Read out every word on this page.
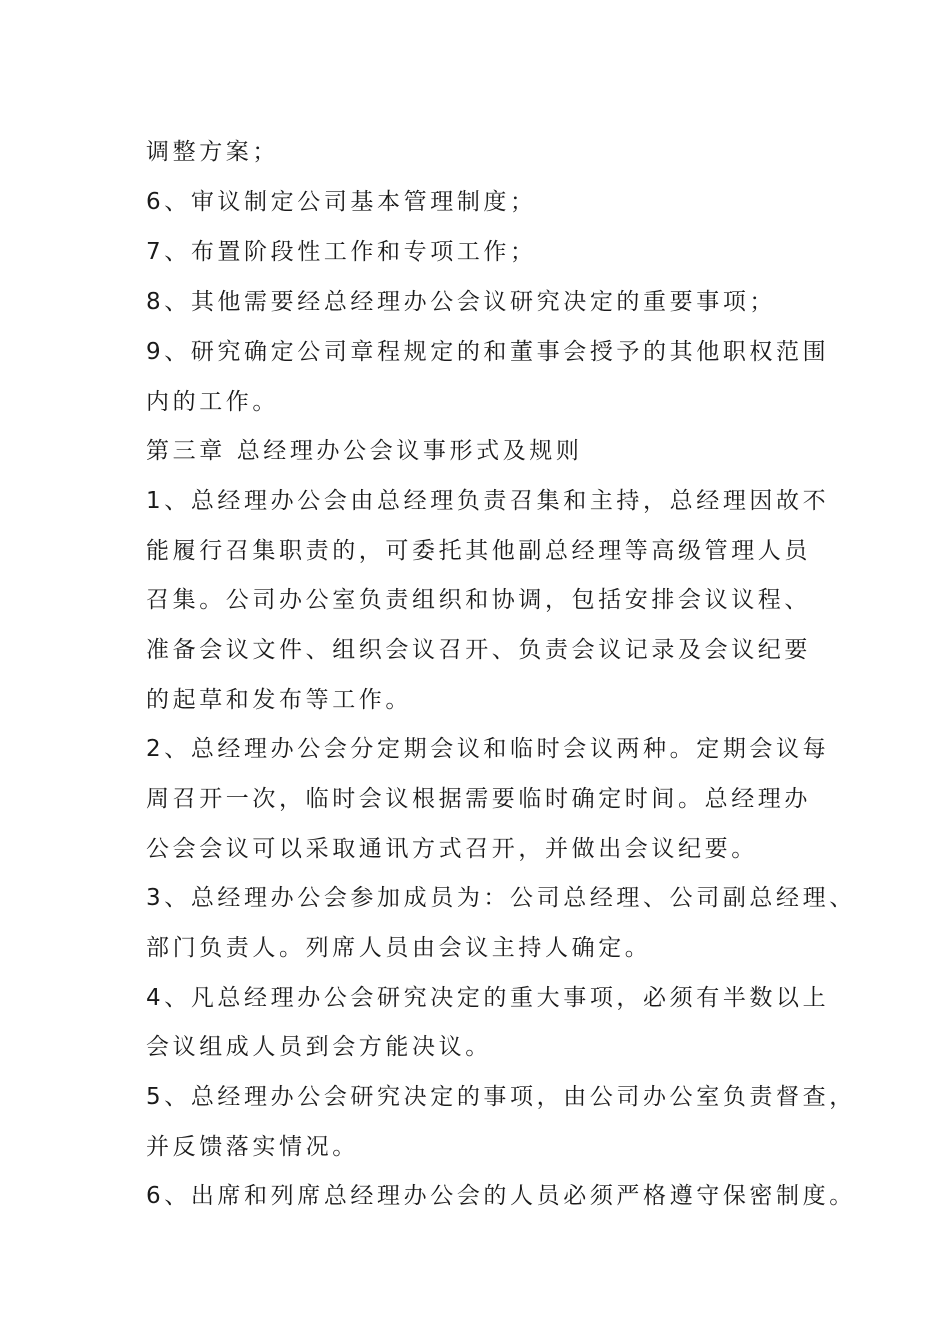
调整方案；
6、审议制定公司基本管理制度；
7、布置阶段性工作和专项工作；
8、其他需要经总经理办公会议研究决定的重要事项；
9、研究确定公司章程规定的和董事会授予的其他职权范围
内的工作。
第三章 总经理办公会议事形式及规则
1、总经理办公会由总经理负责召集和主持，总经理因故不
能履行召集职责的，可委托其他副总经理等高级管理人员
召集。公司办公室负责组织和协调，包括安排会议议程、
准备会议文件、组织会议召开、负责会议记录及会议纪要
的起草和发布等工作。
2、总经理办公会分定期会议和临时会议两种。定期会议每
周召开一次，临时会议根据需要临时确定时间。总经理办
公会会议可以采取通讯方式召开，并做出会议纪要。
3、总经理办公会参加成员为：公司总经理、公司副总经理、
部门负责人。列席人员由会议主持人确定。
4、凡总经理办公会研究决定的重大事项，必须有半数以上
会议组成人员到会方能决议。
5、总经理办公会研究决定的事项，由公司办公室负责督查，
并反馈落实情况。
6、出席和列席总经理办公会的人员必须严格遵守保密制度。
